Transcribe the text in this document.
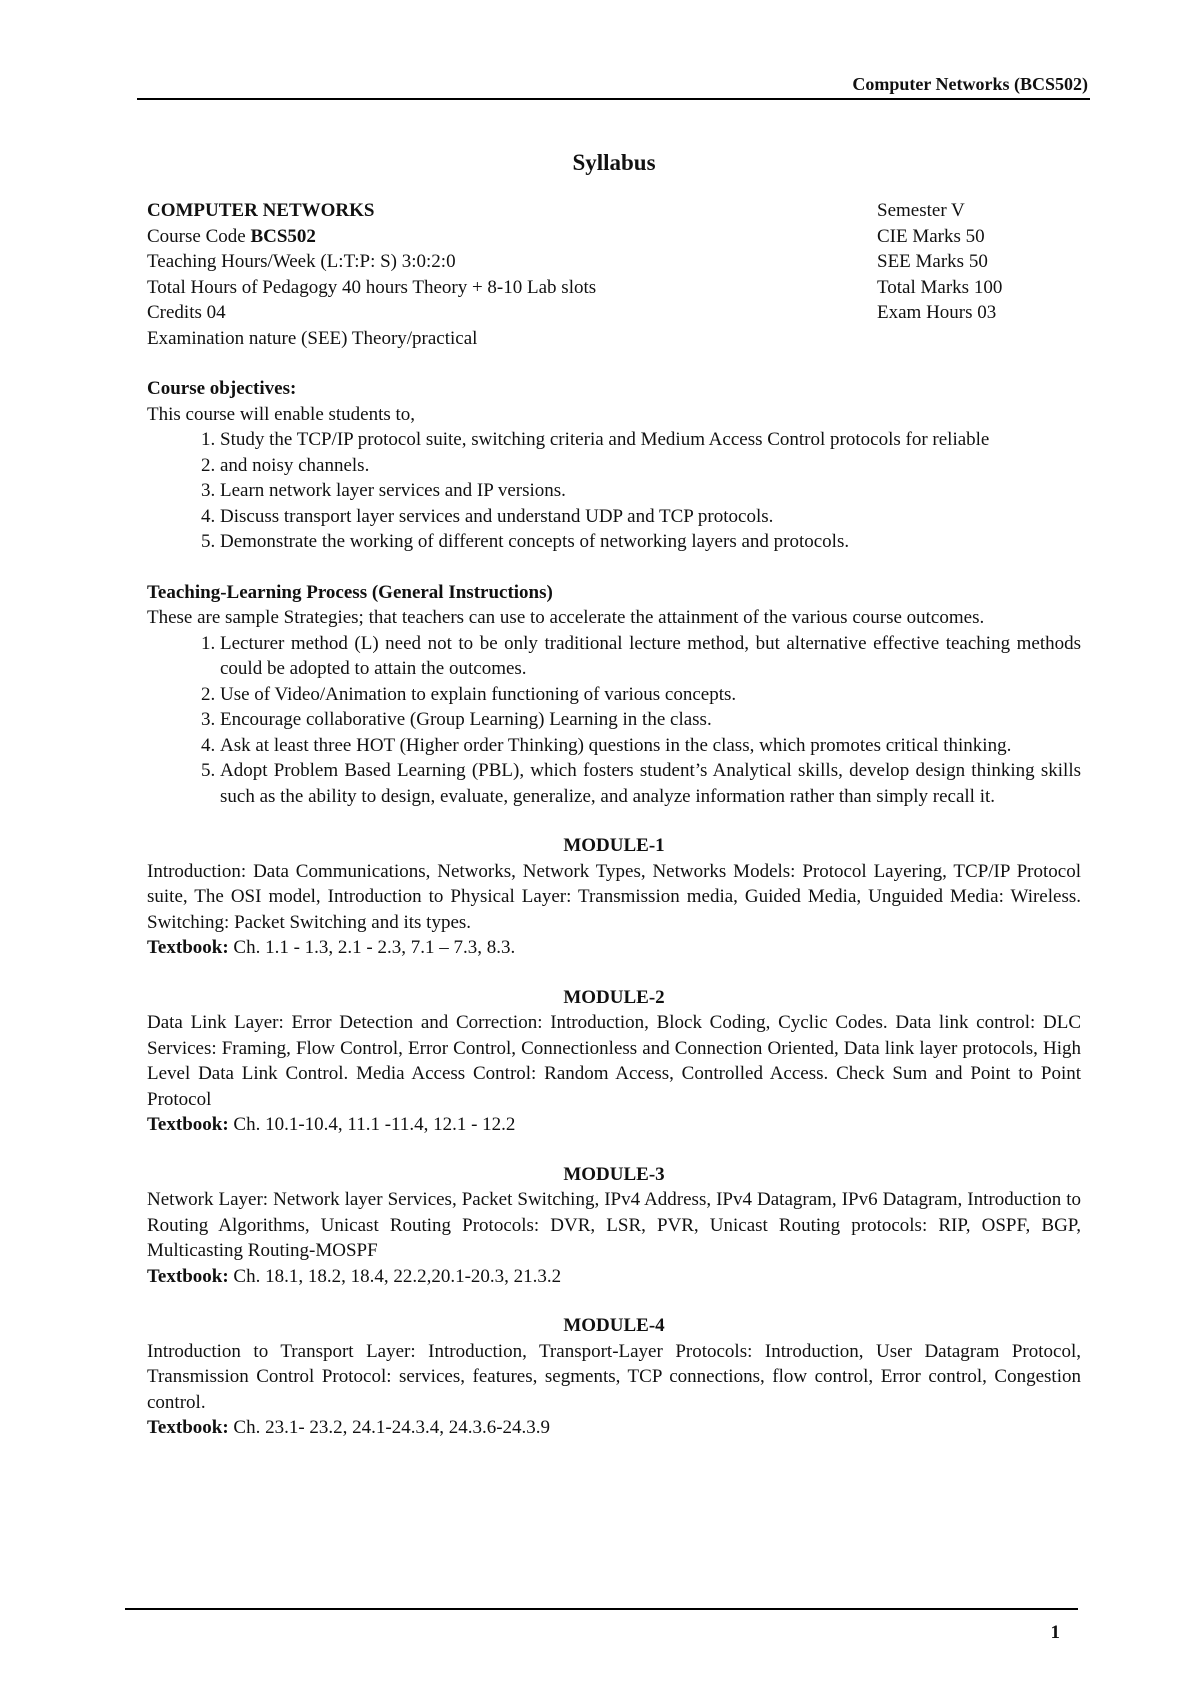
Computer Networks (BCS502)
Syllabus
COMPUTER NETWORKS
Course Code BCS502
Teaching Hours/Week (L:T:P: S) 3:0:2:0
Total Hours of Pedagogy 40 hours Theory + 8-10 Lab slots
Credits 04
Examination nature (SEE) Theory/practical
Semester V
CIE Marks 50
SEE Marks 50
Total Marks 100
Exam Hours 03
Course objectives:
This course will enable students to,
1. Study the TCP/IP protocol suite, switching criteria and Medium Access Control protocols for reliable
2. and noisy channels.
3. Learn network layer services and IP versions.
4. Discuss transport layer services and understand UDP and TCP protocols.
5. Demonstrate the working of different concepts of networking layers and protocols.
Teaching-Learning Process (General Instructions)
These are sample Strategies; that teachers can use to accelerate the attainment of the various course outcomes.
1. Lecturer method (L) need not to be only traditional lecture method, but alternative effective teaching methods could be adopted to attain the outcomes.
2. Use of Video/Animation to explain functioning of various concepts.
3. Encourage collaborative (Group Learning) Learning in the class.
4. Ask at least three HOT (Higher order Thinking) questions in the class, which promotes critical thinking.
5. Adopt Problem Based Learning (PBL), which fosters student’s Analytical skills, develop design thinking skills such as the ability to design, evaluate, generalize, and analyze information rather than simply recall it.
MODULE-1
Introduction: Data Communications, Networks, Network Types, Networks Models: Protocol Layering, TCP/IP Protocol suite, The OSI model, Introduction to Physical Layer: Transmission media, Guided Media, Unguided Media: Wireless. Switching: Packet Switching and its types.
Textbook: Ch. 1.1 - 1.3, 2.1 - 2.3, 7.1 – 7.3, 8.3.
MODULE-2
Data Link Layer: Error Detection and Correction: Introduction, Block Coding, Cyclic Codes. Data link control: DLC Services: Framing, Flow Control, Error Control, Connectionless and Connection Oriented, Data link layer protocols, High Level Data Link Control. Media Access Control: Random Access, Controlled Access. Check Sum and Point to Point Protocol
Textbook: Ch. 10.1-10.4, 11.1 -11.4, 12.1 - 12.2
MODULE-3
Network Layer: Network layer Services, Packet Switching, IPv4 Address, IPv4 Datagram, IPv6 Datagram, Introduction to Routing Algorithms, Unicast Routing Protocols: DVR, LSR, PVR, Unicast Routing protocols: RIP, OSPF, BGP, Multicasting Routing-MOSPF
Textbook: Ch. 18.1, 18.2, 18.4, 22.2,20.1-20.3, 21.3.2
MODULE-4
Introduction to Transport Layer: Introduction, Transport-Layer Protocols: Introduction, User Datagram Protocol, Transmission Control Protocol: services, features, segments, TCP connections, flow control, Error control, Congestion control.
Textbook: Ch. 23.1- 23.2, 24.1-24.3.4, 24.3.6-24.3.9
1
